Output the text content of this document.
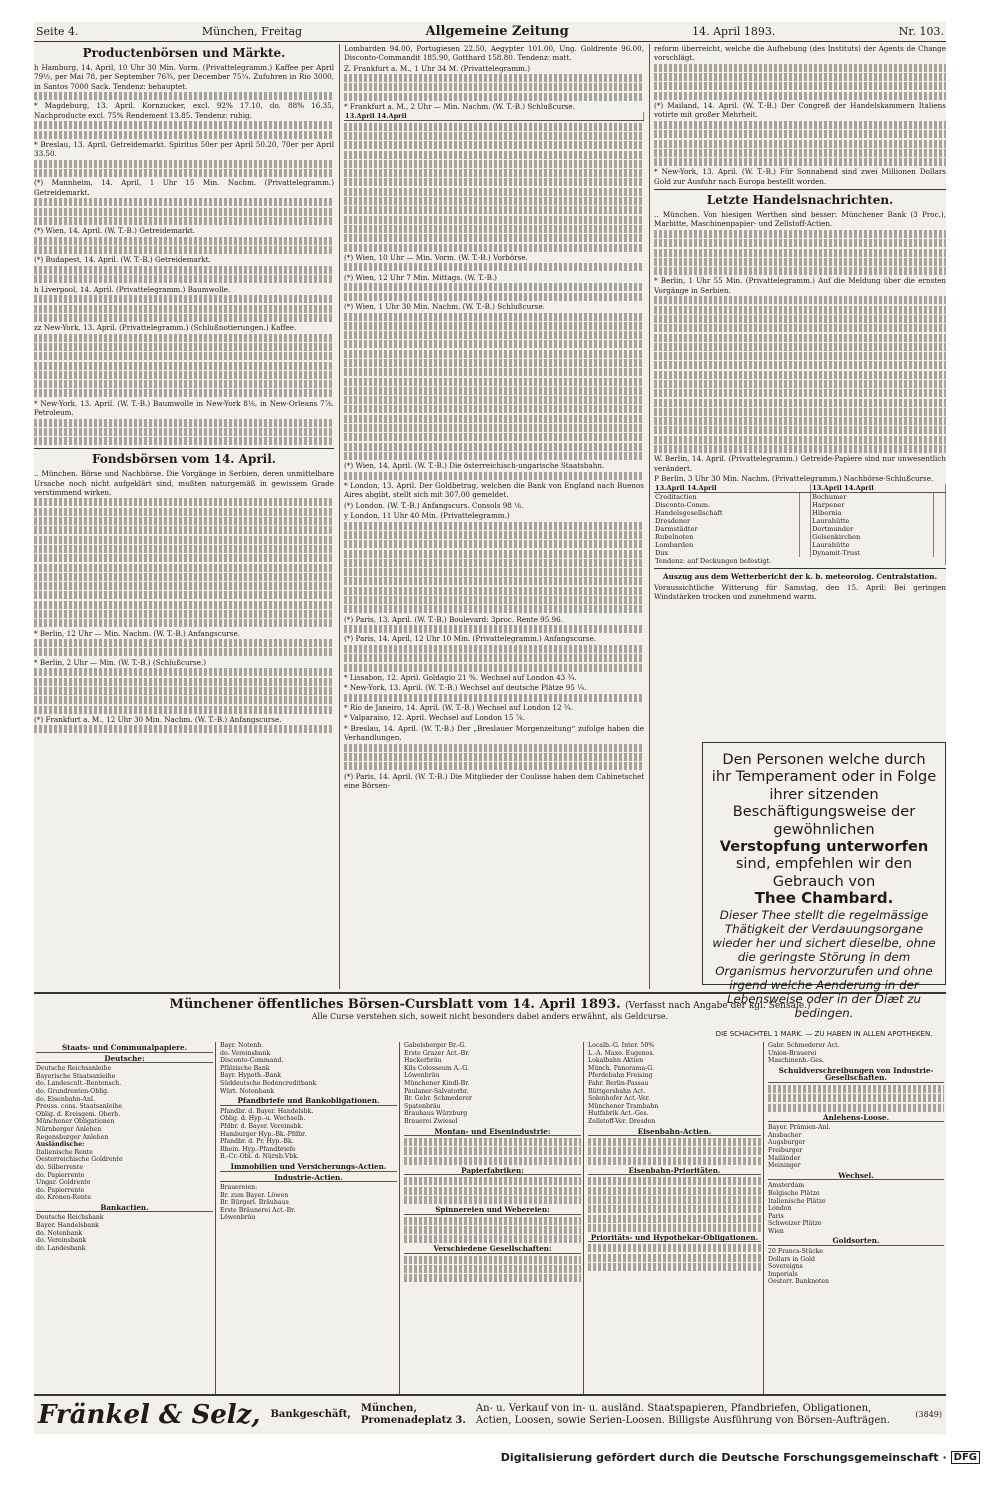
Seite 4.	München, Freitag	Allgemeine Zeitung	14. April 1893.	Nr. 103.
Productenbörsen und Märkte.

h Hamburg, 14. April, 10 Uhr 30 Min. Vorm. (Privattelegramm.) Kaffee per April 79½, per Mai 78, per September 76¾, per December 75¼. Zufuhren in Rio 3000, in Santos 7000 Sack. Tendenz: behauptet.

* Magdeburg, 13. April. Kornzucker, excl. 92% 17.10, do. 88% 16.35, Nachproducte excl. 75% Rendement 13.85. Tendenz: ruhig.

* Breslau, 13. April. Getreidemarkt. Spiritus 50er per April 50.20, 70er per April 33.50.

(*) Mannheim, 14. April, 1 Uhr 15 Min. Nachm. (Privattelegramm.) Getreidemarkt.

(*) Wien, 14. April. (W. T.-B.) Getreidemarkt.

(*) Budapest, 14. April. (W. T.-B.) Getreidemarkt.

h Liverpool, 14. April. (Privattelegramm.) Baumwolle.

zz New-York, 13. April. (Privattelegramm.) (Schlußnotierungen.) Kaffee.

* New-York, 13. April. (W. T.-B.) Baumwolle in New-York 8⅛, in New-Orleans 7⅞. Petroleum.

Fondsbörsen vom 14. April.

.. München. Börse und Nachbörse. Die Vorgänge in Serbien, deren unmittelbare Ursache noch nicht aufgeklärt sind, mußten naturgemäß in gewissem Grade verstimmend wirken.

* Berlin, 12 Uhr — Min. Nachm. (W. T.-B.) Anfangscurse.

* Berlin, 2 Uhr — Min. (W. T.-B.) (Schlußcurse.)

(*) Frankfurt a. M., 12 Uhr 30 Min. Nachm. (W. T.-B.) Anfangscurse.

Lombarden 94.00, Portugiesen 22.50, Aegypter 101.00, Ung. Goldrente 96.00, Disconto-Commandit 185.90, Gotthard 158.80. Tendenz: matt.

Z. Frankfurt a. M., 1 Uhr 34 M. (Privattelegramm.)

* Frankfurt a. M., 2 Uhr — Min. Nachm. (W. T.-B.) Schlußcurse.

13.April 14.April

(*) Wien, 10 Uhr — Min. Vorm. (W. T.-B.) Vorbörse.

(*) Wien, 12 Uhr 7 Min. Mittags. (W. T.-B.)

(*) Wien, 1 Uhr 30 Min. Nachm. (W. T.-B.) Schlußcurse.

(*) Wien, 14. April. (W. T.-B.) Die österreichisch-ungarische Staatsbahn.

* London, 13. April. Der Goldbetrag, welchen die Bank von England nach Buenos Aires abgibt, stellt sich mit 307.00 gemeldet.

(*) London. (W. T.-B.) Anfangscurs. Consols 98 ⅛.

y London, 11 Uhr 40 Min. (Privattelegramm.)

(*) Paris, 13. April. (W. T.-B.) Boulevard: 3proc. Rente 95.96.

(*) Paris, 14. April, 12 Uhr 10 Min. (Privattelegramm.) Anfangscurse.

* Lissabon, 12. April. Goldagio 21 %. Wechsel auf London 43 ¾.

* New-York, 13. April. (W. T.-B.) Wechsel auf deutsche Plätze 95 ¼.

* Rio de Janeiro, 14. April. (W. T.-B.) Wechsel auf London 12 ¾.

* Valparaiso, 12. April. Wechsel auf London 15 ⅞.

* Breslau, 14. April. (W. T.-B.) Der „Breslauer Morgenzeitung“ zufolge haben die Verhandlungen.

(*) Paris, 14. April. (W. T.-B.) Die Mitglieder der Coulisse haben dem Cabinetschef eine Börsen-

reform überreicht, welche die Aufhebung (des Instituts) der Agents de Change vorschlägt.

(*) Mailand, 14. April. (W. T.-B.) Der Congreß der Handelskammern Italiens votirte mit großer Mehrheit.

* New-York, 13. April. (W. T.-B.) Für Sonnabend sind zwei Millionen Dollars Gold zur Ausfuhr nach Europa bestellt worden.

Letzte Handelsnachrichten.

.. München. Von hiesigen Werthen sind besser: Münchener Bank (3 Proc.), Marbitte, Maschinenpapier- und Zellstoff-Actien.

* Berlin, 1 Uhr 55 Min. (Privattelegramm.) Auf die Meldung über die ernsten Vorgänge in Serbien.

W. Berlin, 14. April. (Privattelegramm.) Getreide-Papiere sind nur unwesentlich verändert.

P Berlin, 3 Uhr 30 Min. Nachm. (Privattelegramm.) Nachbörse-Schlußcurse.

13.April 14.April		13.April 14.April	
Creditactien		Bochumer	
Disconto-Comm.		Harpener	
Handelsgesellschaft		Hibernia	
Dresdener		Laurahütte	
Darmstädter		Dortmunder	
Rubelnoten		Gelsenkirchen	
Lombarden		Laurahütte	
Dux		Dynamit-Trust	
Tendenz: auf Deckungen befestigt.			

Auszug aus dem Wetterbericht der k. b. meteorolog. Centralstation.

Voraussichtliche Witterung für Samstag, den 15. April: Bei geringen Windstärken trocken und zunehmend warm.

Den Personen welche durch

ihr Temperament oder in Folge

ihrer sitzenden Beschäftigungsweise der gewöhnlichen

Verstopfung unterworfen

sind, empfehlen wir den Gebrauch von

Thee Chambard.

Dieser Thee stellt die regelmässige Thätigkeit der Verdauungsorgane wieder her und sichert dieselbe, ohne die geringste Störung in dem Organismus hervorzurufen und ohne irgend welche Aenderung in der Lebensweise oder in der Diæt zu bedingen.

DIE SCHACHTEL 1 MARK. — ZU HABEN IN ALLEN APOTHEKEN.

Münchener öffentliches Börsen-Cursblatt vom 14. April 1893. (Verfasst nach Angabe der kgl. Sensale.)
Alle Curse verstehen sich, soweit nicht besonders dabei anders erwähnt, als Geldcurse.
Staats- und Communalpapiere.
Deutsche:
Deutsche Reichsanleihe
Bayerische Staatsanleihe
do. Landescult.-Rentensch.
do. Grundrenten-Oblig.
do. Eisenbahn-Anl.
Preuss. cons. Staatsanleihe
Oblig. d. Kreisgem. Oberb.
Münchener Obligationen
Nürnberger Anlehen
Regensburger Anlehen
Ausländische:
Italienische Rente
Oesterreichische Goldrente
do. Silberrente
do. Papierrente
Ungar. Goldrente
do. Papierrente
do. Kronen-Rente
Bankactien.
Deutsche Reichsbank
Bayer. Handelsbank
do. Notenbank
do. Vereinsbank
do. Landesbank
Bayr. Notenb.
do. Vereinsbank
Disconto-Command.
Pfälzische Bank
Bayr. Hypoth.-Bank
Süddeutsche Bodencreditbank
Würt. Notenbank
Pfandbriefe und Bankobligationen.
Pfandbr. d. Bayer. Handelsbk.
Oblig. d. Hyp.-u. Wechselb.
Pfdbr. d. Bayer. Vereinsbk.
Hamburger Hyp.-Bk.-Pfdbr.
Pfandbr. d. Pr. Hyp.-Bk.
Rhein. Hyp.-Pfandbriefe
B.-Cr.-Obl. d. Nürnb.Vbk.
Immobilien und Versicherungs-Actien.
Industrie-Actien.
Brauereien:
Br. zum Bayer. Löwen
Br. Bürgerl. Bräuhaus
Erste Bräunerei Act.-Br.
Löwenbräu
Gabelsberger Br.-G.
Erste Grazer Act.-Br.
Hackerbräu
Kils Colosseum A.-G.
Löwenbräu
Münchener Kindl-Br.
Paulaner-Salvatorbr.
Br. Gebr. Schmederer
Spatenbräu
Brauhaus Würzburg
Brauerei Zwiesel
Montan- und Eisenindustrie:
Papierfabriken:
Spinnereien und Webereien:
Verschiedene Gesellschaften:
Localb.-G. Inter. 50%
L.-A. Maxe. Eugenos.
Lokalbahn Aktien
Münch. Panorama-G.
Pferdebahn Freising
Fabr. Berlin-Passau
Rüttgersbahn Act.
Solenhofer Act.-Ver.
Münchener Trambahn
Hutfabrik Act.-Ges.
Zellstoff-Ver. Dresden
Eisenbahn-Actien.
Eisenbahn-Prioritäten.
Prioritäts- und Hypothekar-Obligationen.
Gabr. Schmederer Act.
Union-Brauerei
Maschinenb.-Ges.
Schuldverschreibungen von Industrie-Gesellschaften.
Anlehens-Loose.
Bayer. Prämien-Anl.
Ansbacher
Augsburger
Freiburger
Mailänder
Meininger
Wechsel.
Amsterdam
Belgische Plätze
Italienische Plätze
London
Paris
Schweizer Plätze
Wien
Goldsorten.
20 Francs-Stücke
Dollars in Gold
Sovereigns
Imperials
Oesterr. Banknoten
Fränkel & Selz, Bankgeschäft,
München,
Promenadeplatz 3.
An- u. Verkauf von in- u. ausländ. Staatspapieren, Pfandbriefen, Obligationen, Actien, Loosen, sowie Serien-Loosen. Billigste Ausführung von Börsen-Aufträgen.
(3849)
Digitalisierung gefördert durch die Deutsche Forschungsgemeinschaft · DFG
